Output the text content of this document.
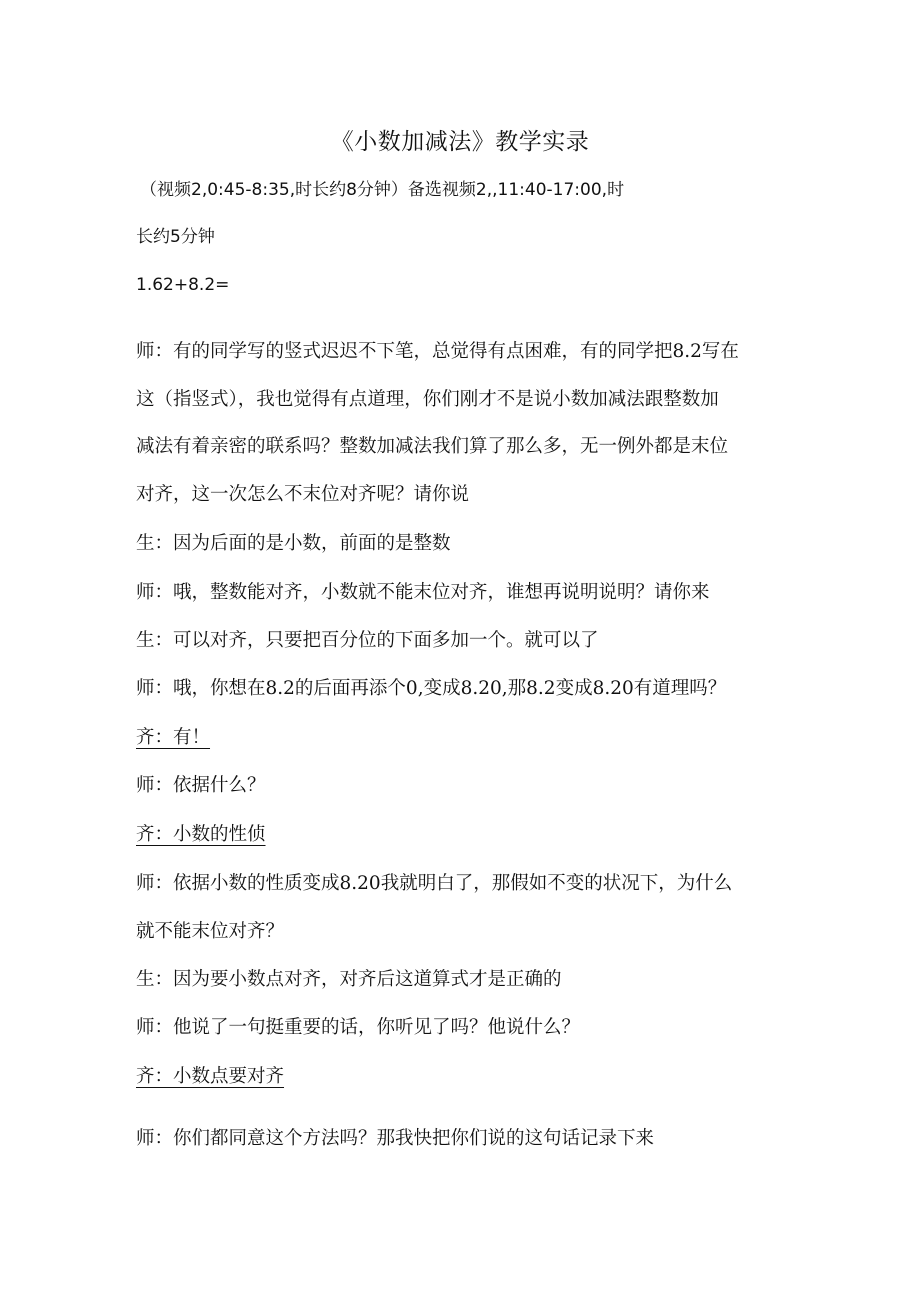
《小数加减法》教学实录

（视频2,0:45-8:35,时长约8分钟）备选视频2,,11:40-17:00,时

长约5分钟

1.62+8.2=

师：有的同学写的竖式迟迟不下笔，总觉得有点困难，有的同学把8.2写在

这（指竖式），我也觉得有点道理，你们刚才不是说小数加减法跟整数加

减法有着亲密的联系吗？整数加减法我们算了那么多，无一例外都是末位

对齐，这一次怎么不末位对齐呢？请你说

生：因为后面的是小数，前面的是整数

师：哦，整数能对齐，小数就不能末位对齐，谁想再说明说明？请你来

生：可以对齐，只要把百分位的下面多加一个。就可以了

师：哦，你想在8.2的后面再添个0,变成8.20,那8.2变成8.20有道理吗？

齐：有！

师：依据什么？

齐：小数的性侦

师：依据小数的性质变成8.20我就明白了，那假如不变的状况下，为什么

就不能末位对齐？

生：因为要小数点对齐，对齐后这道算式才是正确的

师：他说了一句挺重要的话，你听见了吗？他说什么？

齐：小数点要对齐

师：你们都同意这个方法吗？那我快把你们说的这句话记录下来
